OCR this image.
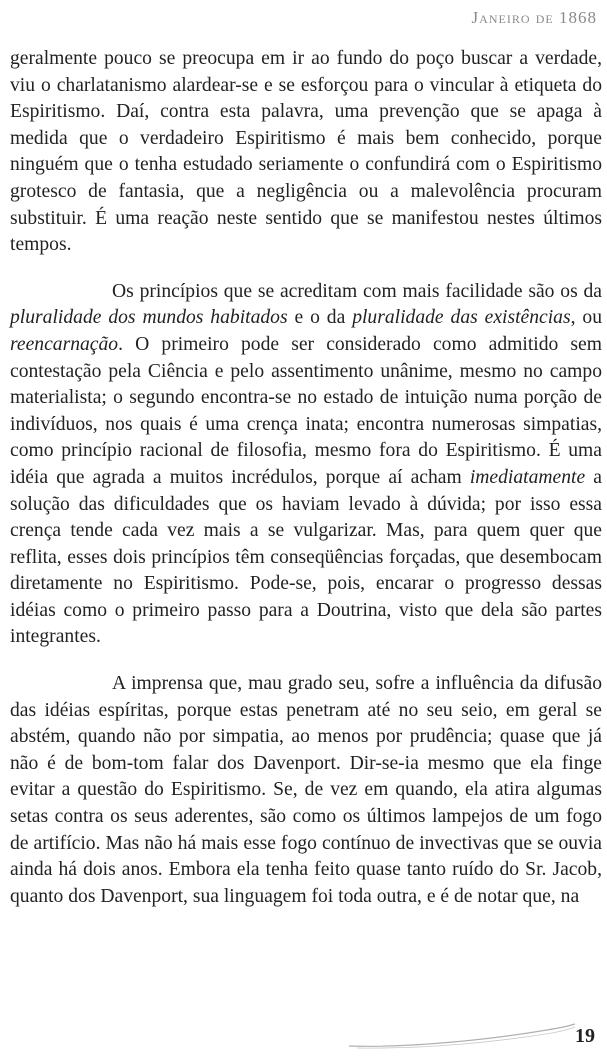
Janeiro de 1868

geralmente pouco se preocupa em ir ao fundo do poço buscar a verdade, viu o charlatanismo alardear-se e se esforçou para o vincular à etiqueta do Espiritismo. Daí, contra esta palavra, uma prevenção que se apaga à medida que o verdadeiro Espiritismo é mais bem conhecido, porque ninguém que o tenha estudado seriamente o confundirá com o Espiritismo grotesco de fantasia, que a negligência ou a malevolência procuram substituir. É uma reação neste sentido que se manifestou nestes últimos tempos.

Os princípios que se acreditam com mais facilidade são os da pluralidade dos mundos habitados e o da pluralidade das existências, ou reencarnação. O primeiro pode ser considerado como admitido sem contestação pela Ciência e pelo assentimento unânime, mesmo no campo materialista; o segundo encontra-se no estado de intuição numa porção de indivíduos, nos quais é uma crença inata; encontra numerosas simpatias, como princípio racional de filosofia, mesmo fora do Espiritismo. É uma idéia que agrada a muitos incrédulos, porque aí acham imediatamente a solução das dificuldades que os haviam levado à dúvida; por isso essa crença tende cada vez mais a se vulgarizar. Mas, para quem quer que reflita, esses dois princípios têm conseqüências forçadas, que desembocam diretamente no Espiritismo. Pode-se, pois, encarar o progresso dessas idéias como o primeiro passo para a Doutrina, visto que dela são partes integrantes.

A imprensa que, mau grado seu, sofre a influência da difusão das idéias espíritas, porque estas penetram até no seu seio, em geral se abstém, quando não por simpatia, ao menos por prudência; quase que já não é de bom-tom falar dos Davenport. Dir-se-ia mesmo que ela finge evitar a questão do Espiritismo. Se, de vez em quando, ela atira algumas setas contra os seus aderentes, são como os últimos lampejos de um fogo de artifício. Mas não há mais esse fogo contínuo de invectivas que se ouvia ainda há dois anos. Embora ela tenha feito quase tanto ruído do Sr. Jacob, quanto dos Davenport, sua linguagem foi toda outra, e é de notar que, na

19
